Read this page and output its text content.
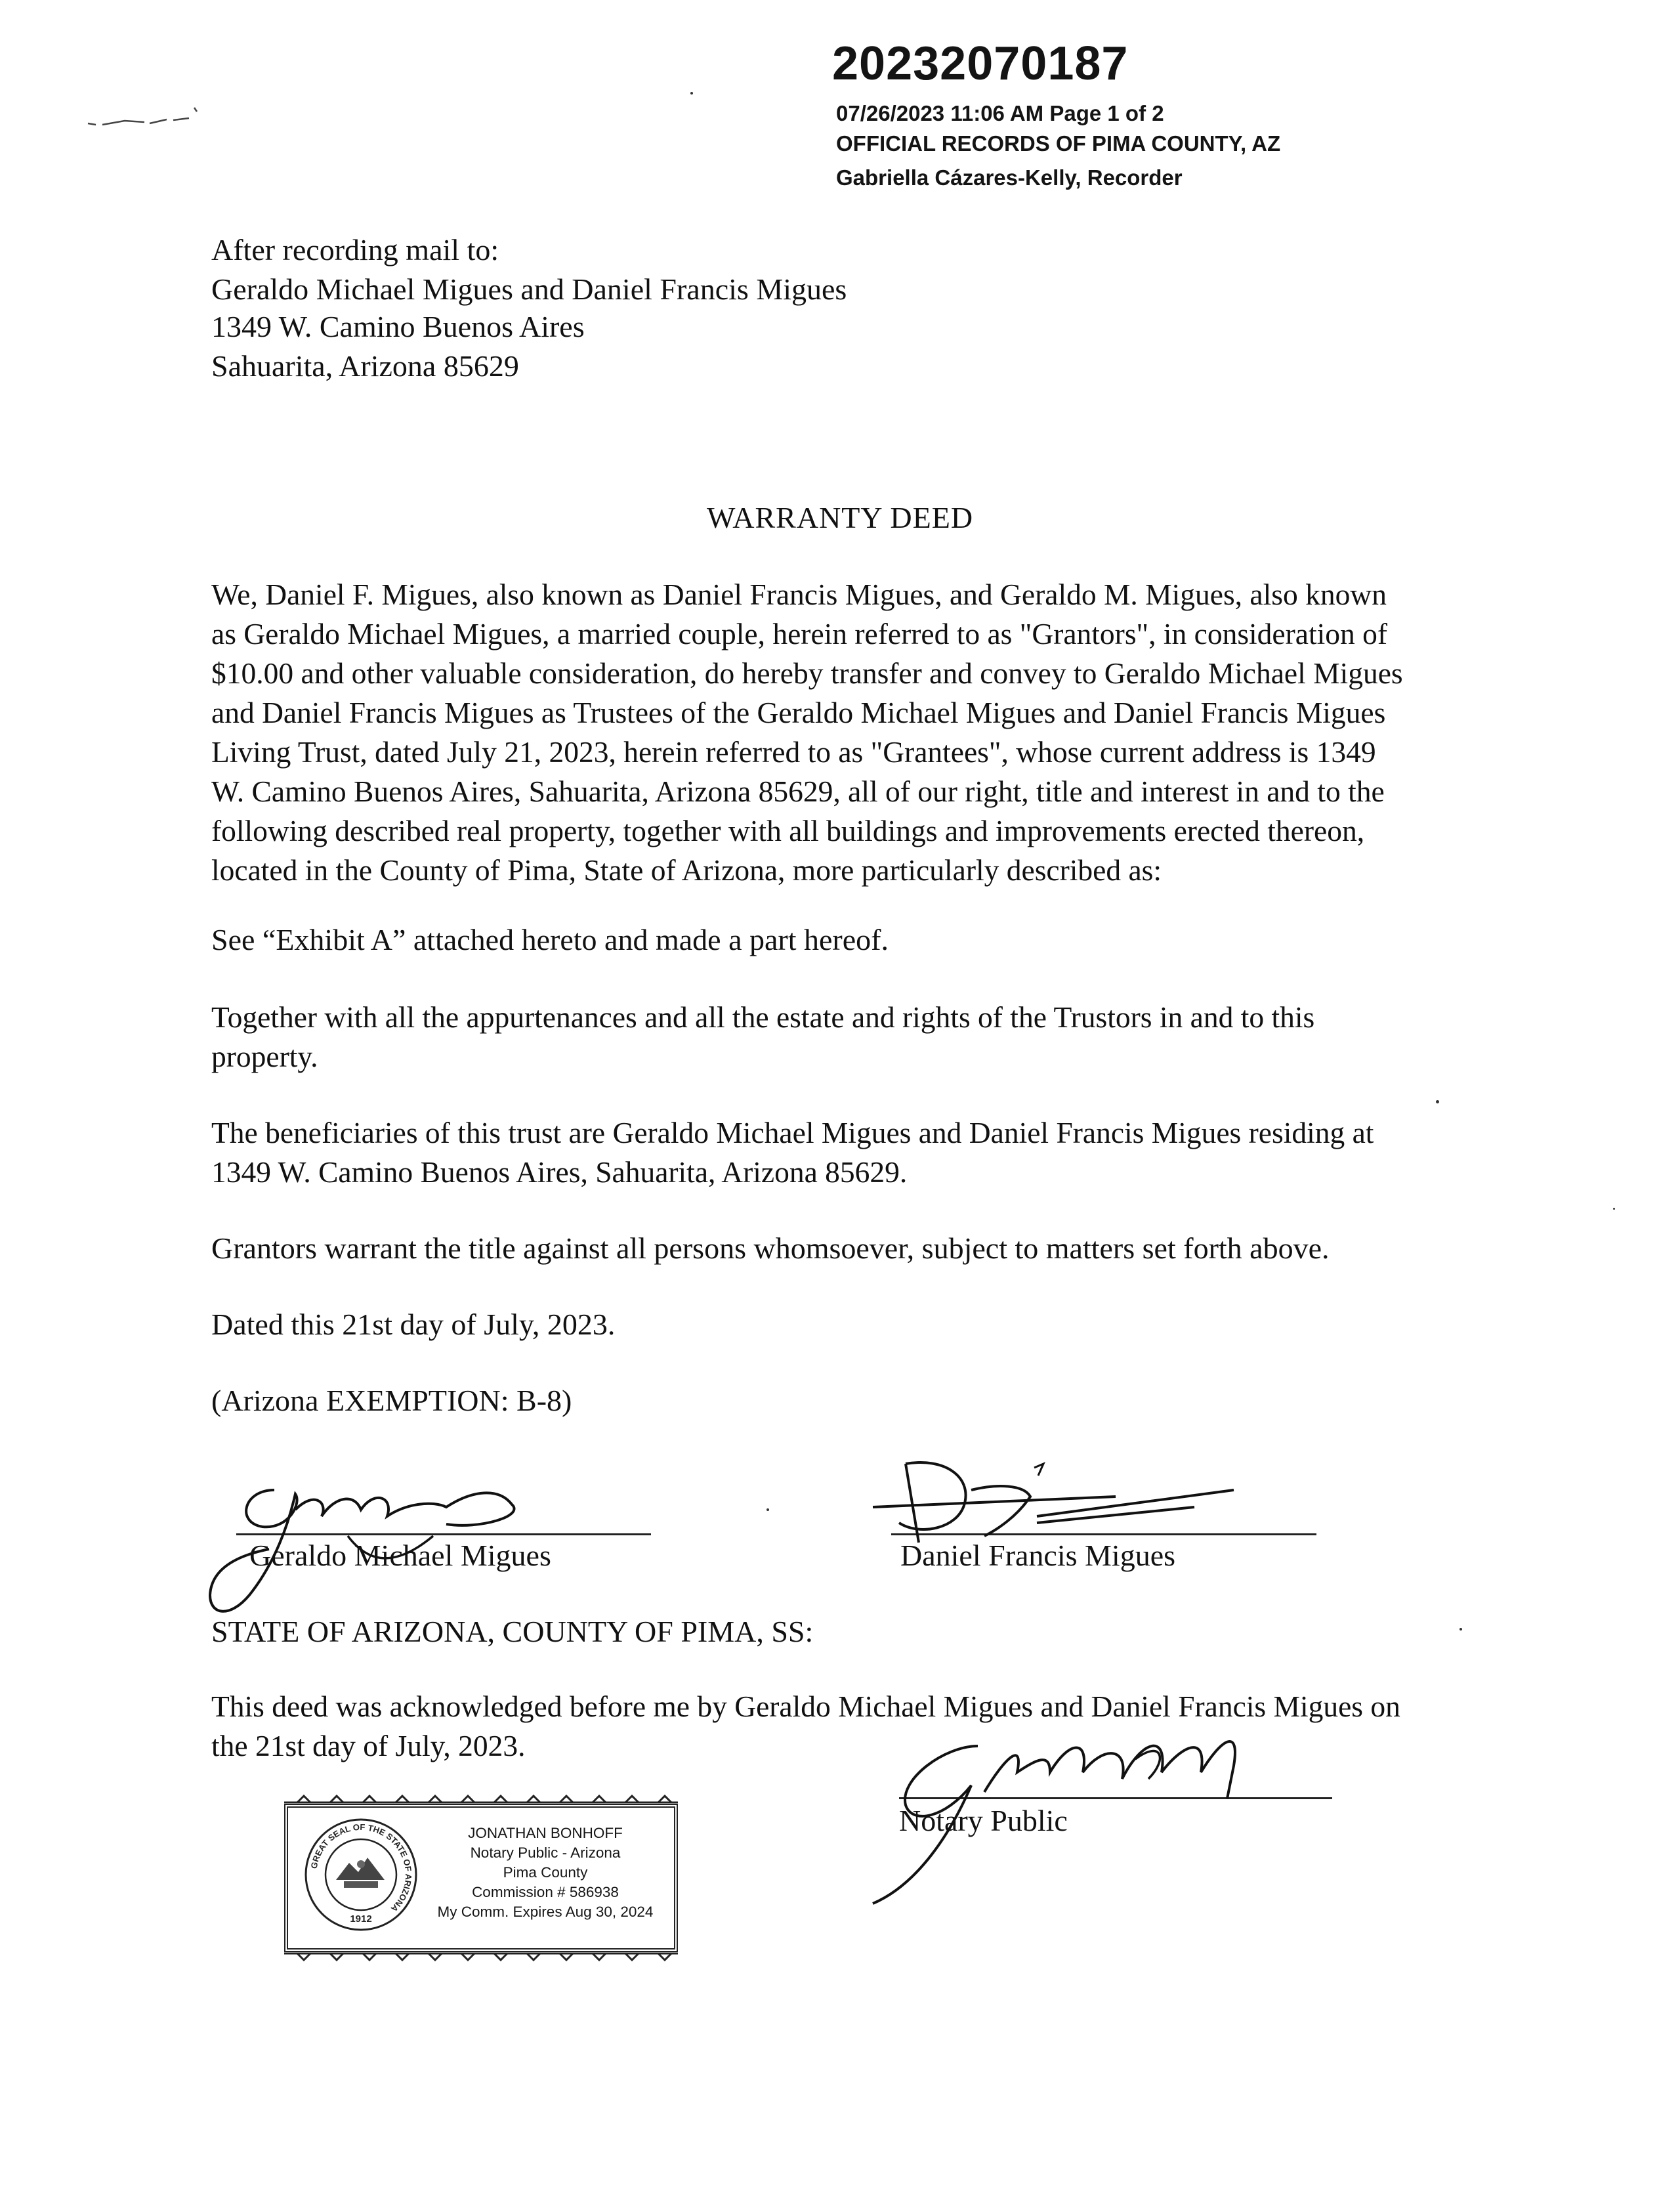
20232070187
07/26/2023 11:06 AM Page 1 of 2
OFFICIAL RECORDS OF PIMA COUNTY, AZ
Gabriella Cázares-Kelly, Recorder
After recording mail to:
Geraldo Michael Migues and Daniel Francis Migues
1349 W. Camino Buenos Aires
Sahuarita, Arizona 85629
WARRANTY DEED
We, Daniel F. Migues, also known as Daniel Francis Migues, and Geraldo M. Migues, also known
as Geraldo Michael Migues, a married couple, herein referred to as "Grantors", in consideration of
$10.00 and other valuable consideration, do hereby transfer and convey to Geraldo Michael Migues
and Daniel Francis Migues as Trustees of the Geraldo Michael Migues and Daniel Francis Migues
Living Trust, dated July 21, 2023, herein referred to as "Grantees", whose current address is 1349
W. Camino Buenos Aires, Sahuarita, Arizona 85629, all of our right, title and interest in and to the
following described real property, together with all buildings and improvements erected thereon,
located in the County of Pima, State of Arizona, more particularly described as:
See “Exhibit A” attached hereto and made a part hereof.
Together with all the appurtenances and all the estate and rights of the Trustors in and to this
property.
The beneficiaries of this trust are Geraldo Michael Migues and Daniel Francis Migues residing at
1349 W. Camino Buenos Aires, Sahuarita, Arizona 85629.
Grantors warrant the title against all persons whomsoever, subject to matters set forth above.
Dated this 21st day of July, 2023.
(Arizona EXEMPTION: B-8)
Geraldo Michael Migues	Daniel Francis Migues
STATE OF ARIZONA, COUNTY OF PIMA, SS:
This deed was acknowledged before me by Geraldo Michael Migues and Daniel Francis Migues on
the 21st day of July, 2023.
Notary Public
GREAT SEAL OF THE STATE OF ARIZONA
1912
JONATHAN BONHOFF
Notary Public - Arizona
Pima County
Commission # 586938
My Comm. Expires Aug 30, 2024
